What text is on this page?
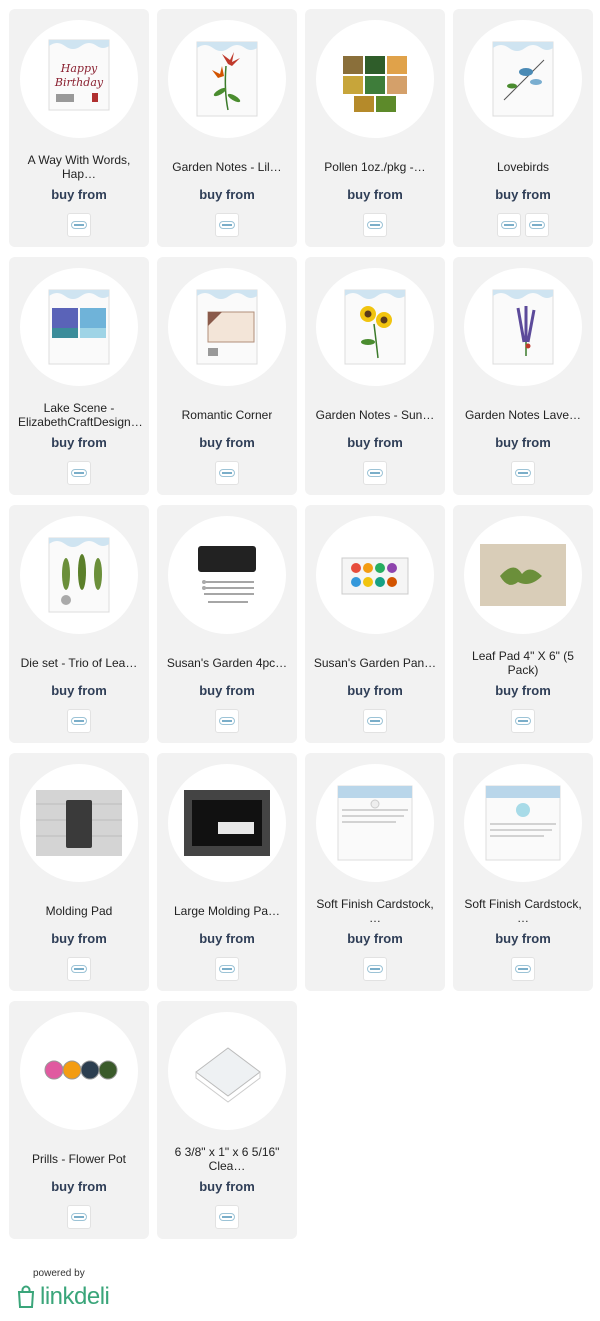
Happy
Birthday
A Way With Words, Hap…
buy from
Garden Notes - Lil…
buy from
Pollen 1oz./pkg -…
buy from
Lovebirds
buy from
Lake Scene - ElizabethCraftDesigns.
buy from
Romantic Corner
buy from
Garden Notes - Sun…
buy from
Garden Notes Lave…
buy from
Die set - Trio of Lea…
buy from
Susan's Garden 4pc…
buy from
Susan's Garden Pan…
buy from
Leaf Pad 4" X 6" (5 Pack)
buy from
Molding Pad
buy from
Large Molding Pa…
buy from
Soft Finish Cardstock, …
buy from
Soft Finish Cardstock, …
buy from
Prills - Flower Pot
buy from
6 3/8" x 1" x 6 5/16" Clea…
buy from
powered by
linkdeli
